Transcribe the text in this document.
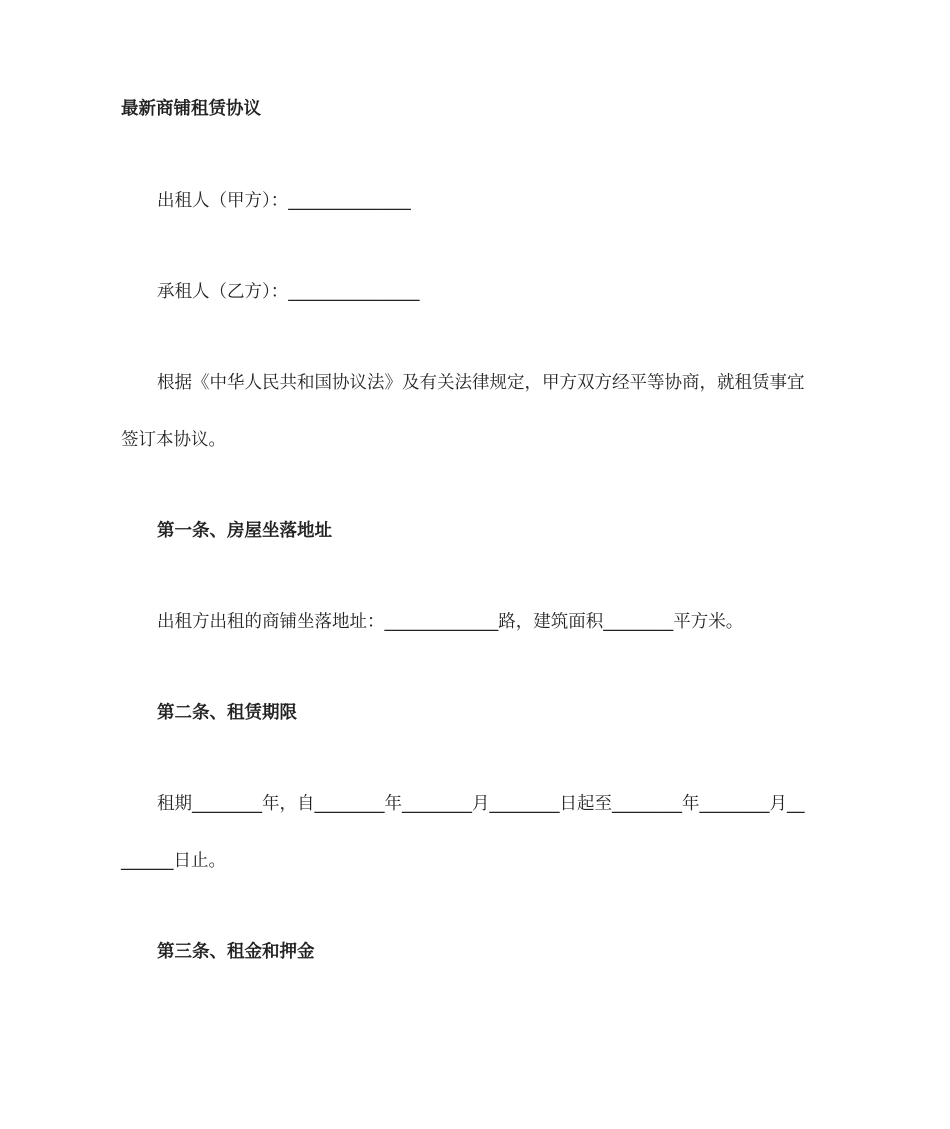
最新商铺租赁协议

出租人（甲方）：______________

承租人（乙方）：_______________

根据《中华人民共和国协议法》及有关法律规定，甲方双方经平等协商，就租赁事宜

签订本协议。

第一条、房屋坐落地址

出租方出租的商铺坐落地址：_____________路，建筑面积________平方米。

第二条、租赁期限

租期________年，自________年________月________日起至________年________月__

______日止。

第三条、租金和押金
